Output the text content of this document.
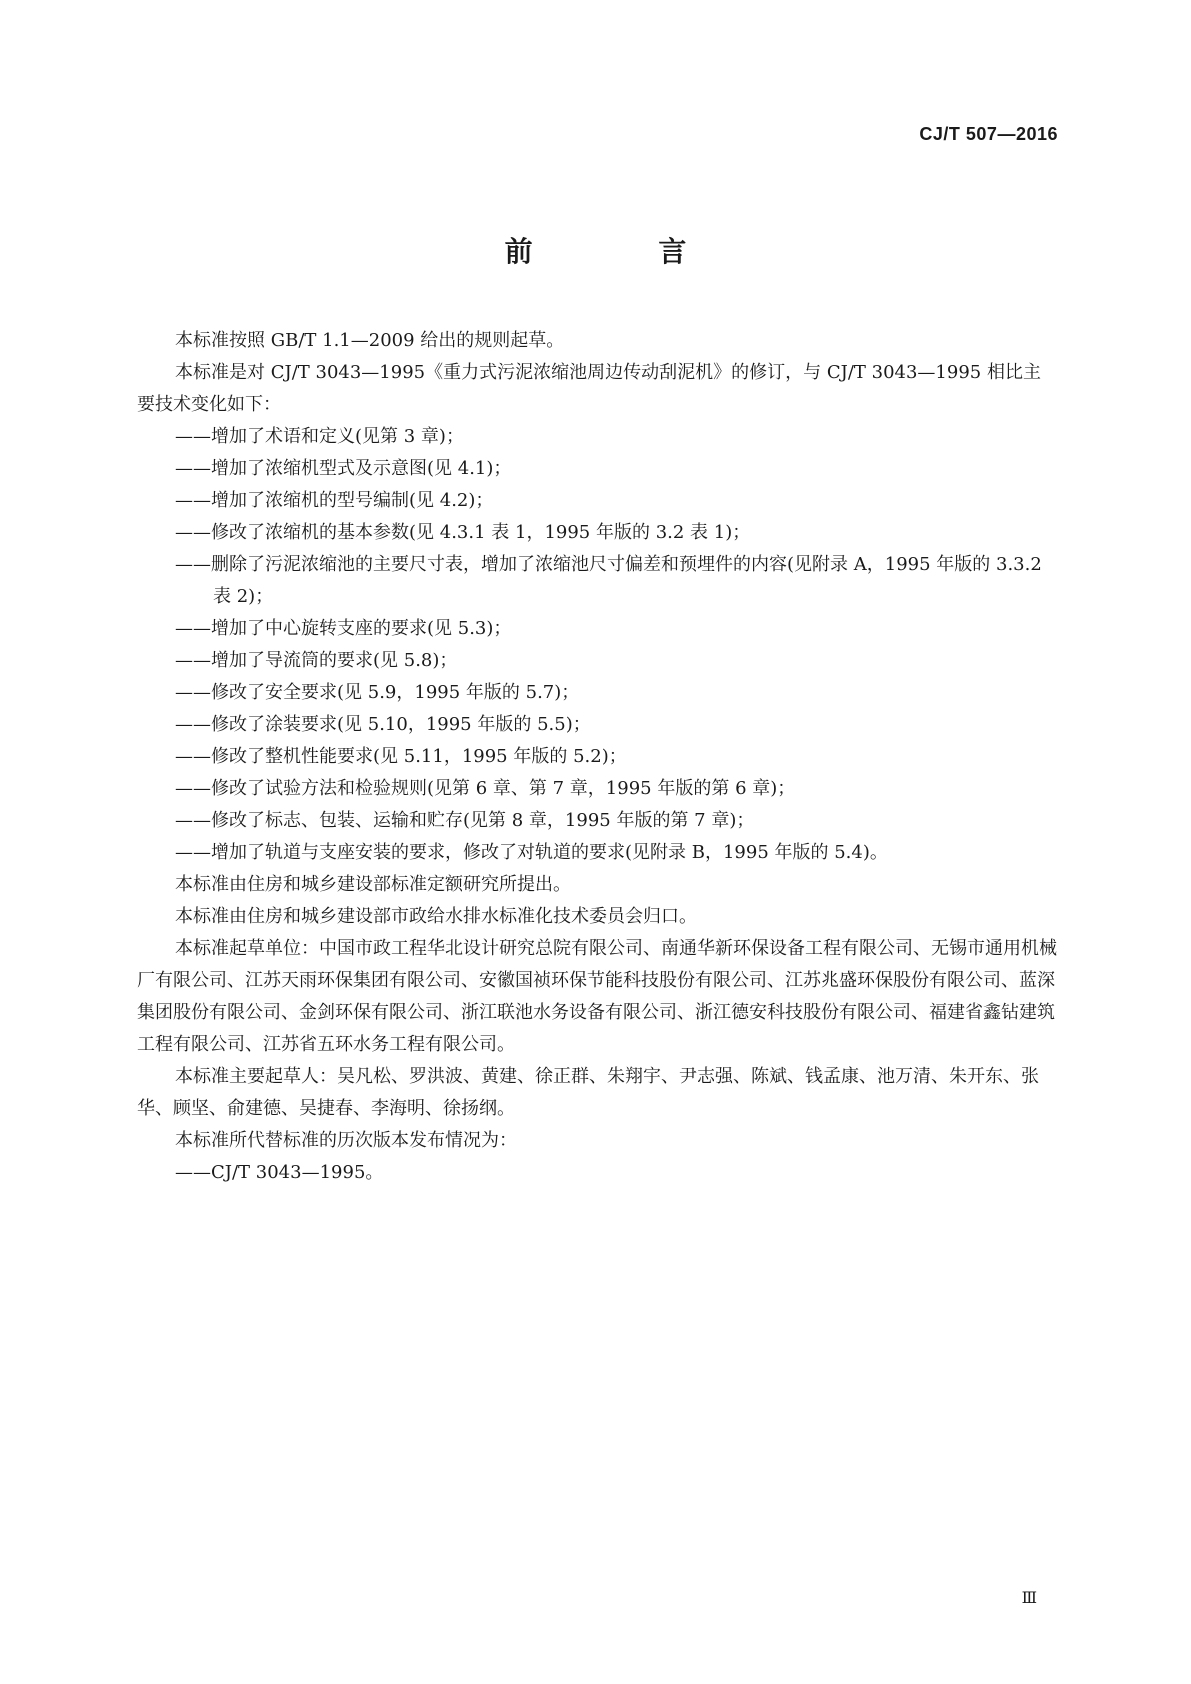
CJ/T 507—2016
前 言

本标准按照 GB/T 1.1—2009 给出的规则起草。

本标准是对 CJ/T 3043—1995《重力式污泥浓缩池周边传动刮泥机》的修订，与 CJ/T 3043—1995 相比主要技术变化如下：

——增加了术语和定义(见第 3 章)；

——增加了浓缩机型式及示意图(见 4.1)；

——增加了浓缩机的型号编制(见 4.2)；

——修改了浓缩机的基本参数(见 4.3.1 表 1，1995 年版的 3.2 表 1)；

——删除了污泥浓缩池的主要尺寸表，增加了浓缩池尺寸偏差和预埋件的内容(见附录 A，1995 年版的 3.3.2 表 2)；

——增加了中心旋转支座的要求(见 5.3)；

——增加了导流筒的要求(见 5.8)；

——修改了安全要求(见 5.9，1995 年版的 5.7)；

——修改了涂装要求(见 5.10，1995 年版的 5.5)；

——修改了整机性能要求(见 5.11，1995 年版的 5.2)；

——修改了试验方法和检验规则(见第 6 章、第 7 章，1995 年版的第 6 章)；

——修改了标志、包装、运输和贮存(见第 8 章，1995 年版的第 7 章)；

——增加了轨道与支座安装的要求，修改了对轨道的要求(见附录 B，1995 年版的 5.4)。

本标准由住房和城乡建设部标准定额研究所提出。

本标准由住房和城乡建设部市政给水排水标准化技术委员会归口。

本标准起草单位：中国市政工程华北设计研究总院有限公司、南通华新环保设备工程有限公司、无锡市通用机械厂有限公司、江苏天雨环保集团有限公司、安徽国祯环保节能科技股份有限公司、江苏兆盛环保股份有限公司、蓝深集团股份有限公司、金剑环保有限公司、浙江联池水务设备有限公司、浙江德安科技股份有限公司、福建省鑫钻建筑工程有限公司、江苏省五环水务工程有限公司。

本标准主要起草人：吴凡松、罗洪波、黄建、徐正群、朱翔宇、尹志强、陈斌、钱孟康、池万清、朱开东、张华、顾坚、俞建德、吴捷春、李海明、徐扬纲。

本标准所代替标准的历次版本发布情况为：

——CJ/T 3043—1995。

Ⅲ
